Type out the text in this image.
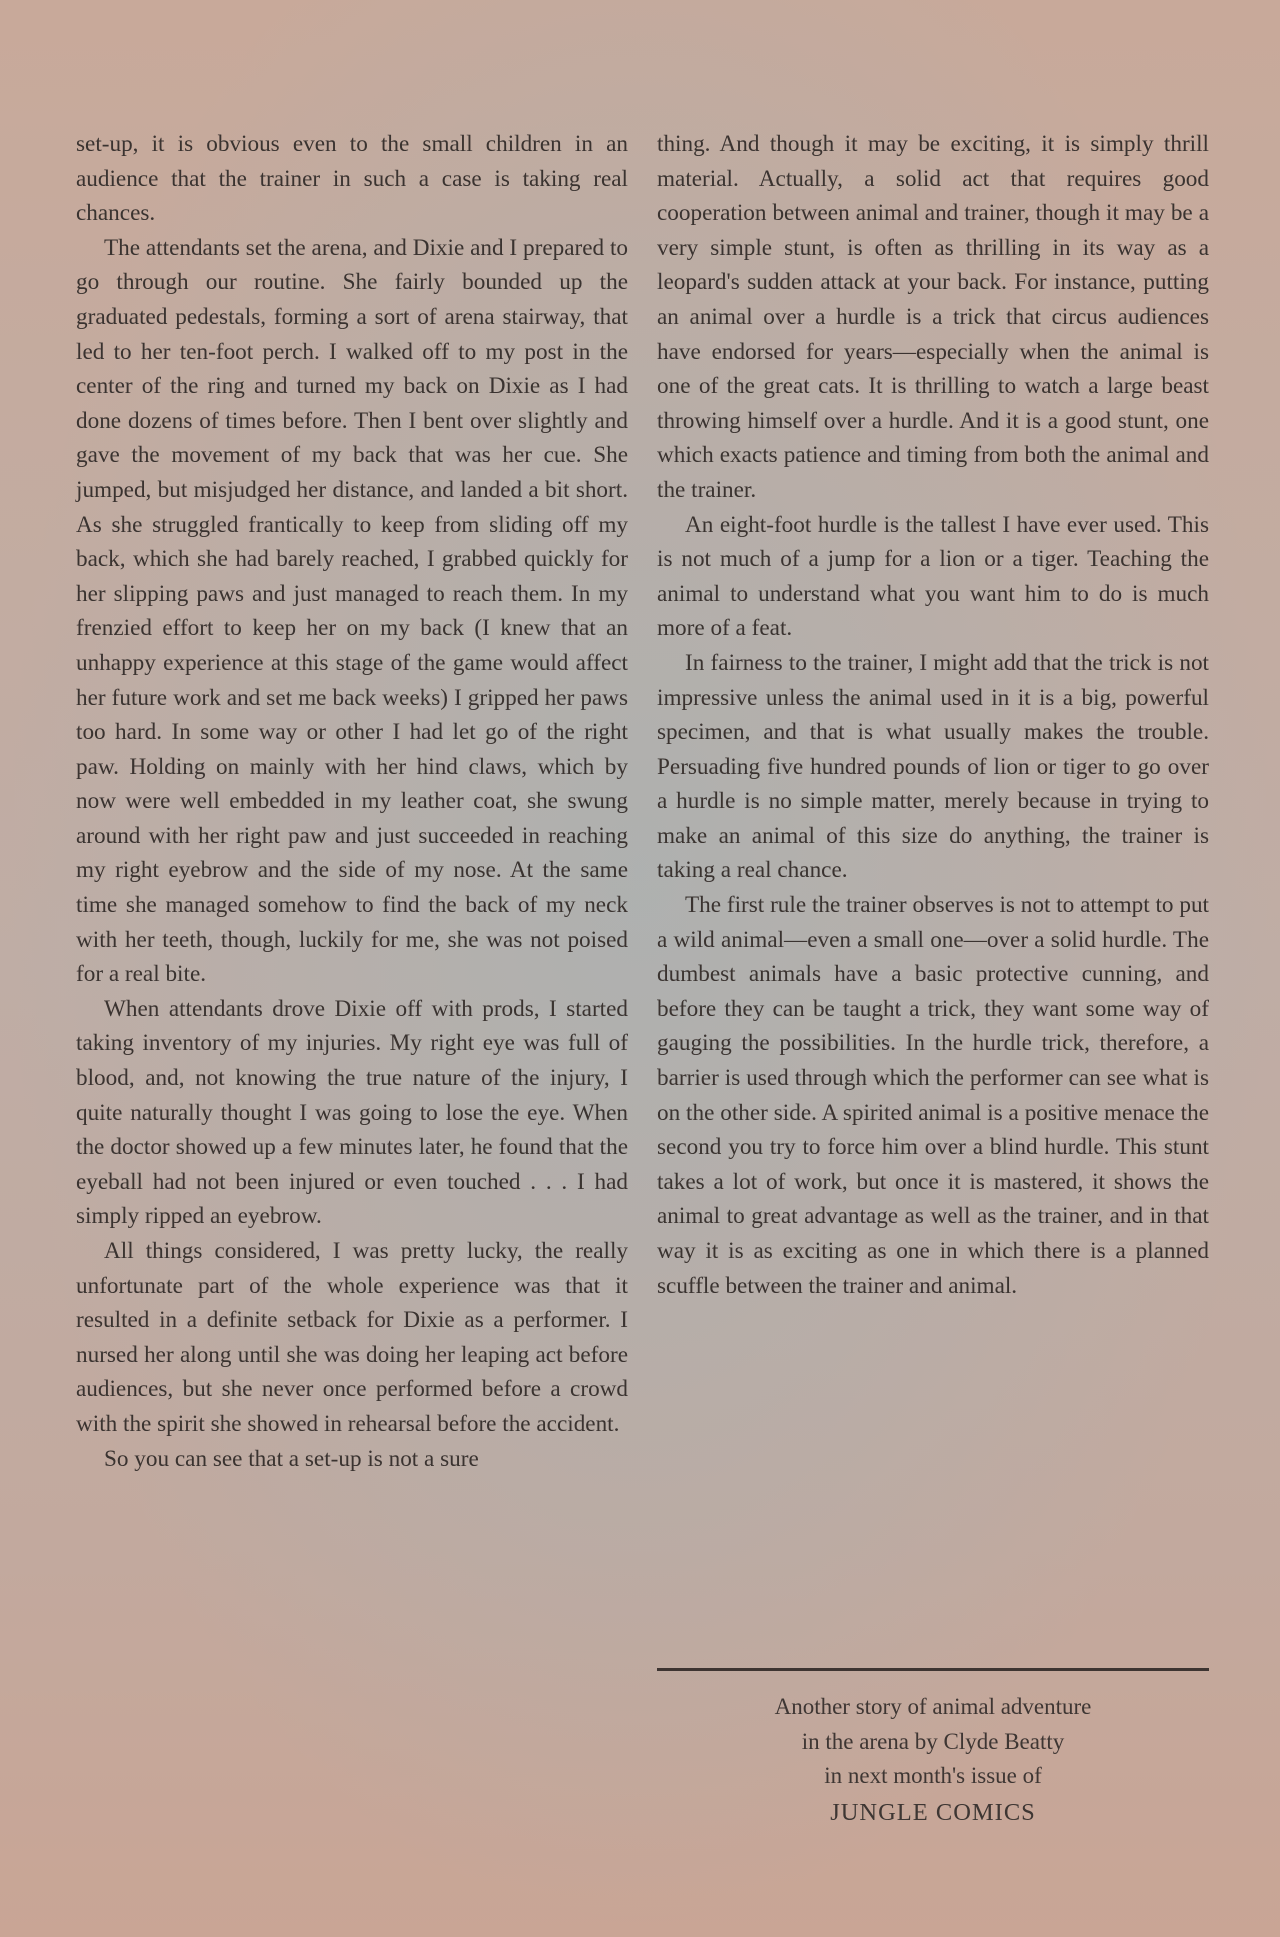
set-up, it is obvious even to the small children in an audience that the trainer in such a case is taking real chances.

The attendants set the arena, and Dixie and I prepared to go through our routine. She fairly bounded up the graduated pedestals, forming a sort of arena stairway, that led to her ten-foot perch. I walked off to my post in the center of the ring and turned my back on Dixie as I had done dozens of times before. Then I bent over slightly and gave the movement of my back that was her cue. She jumped, but misjudged her distance, and landed a bit short. As she struggled frantically to keep from sliding off my back, which she had barely reached, I grabbed quickly for her slipping paws and just managed to reach them. In my frenzied effort to keep her on my back (I knew that an unhappy experience at this stage of the game would affect her future work and set me back weeks) I gripped her paws too hard. In some way or other I had let go of the right paw. Holding on mainly with her hind claws, which by now were well embedded in my leather coat, she swung around with her right paw and just succeeded in reaching my right eyebrow and the side of my nose. At the same time she managed somehow to find the back of my neck with her teeth, though, luckily for me, she was not poised for a real bite.

When attendants drove Dixie off with prods, I started taking inventory of my injuries. My right eye was full of blood, and, not knowing the true nature of the injury, I quite naturally thought I was going to lose the eye. When the doctor showed up a few minutes later, he found that the eyeball had not been injured or even touched . . . I had simply ripped an eyebrow.

All things considered, I was pretty lucky, the really unfortunate part of the whole experience was that it resulted in a definite setback for Dixie as a performer. I nursed her along until she was doing her leaping act before audiences, but she never once performed before a crowd with the spirit she showed in rehearsal before the accident.

So you can see that a set-up is not a sure

thing. And though it may be exciting, it is simply thrill material. Actually, a solid act that requires good cooperation between animal and trainer, though it may be a very simple stunt, is often as thrilling in its way as a leopard's sudden attack at your back. For instance, putting an animal over a hurdle is a trick that circus audiences have endorsed for years—especially when the animal is one of the great cats. It is thrilling to watch a large beast throwing himself over a hurdle. And it is a good stunt, one which exacts patience and timing from both the animal and the trainer.

An eight-foot hurdle is the tallest I have ever used. This is not much of a jump for a lion or a tiger. Teaching the animal to understand what you want him to do is much more of a feat.

In fairness to the trainer, I might add that the trick is not impressive unless the animal used in it is a big, powerful specimen, and that is what usually makes the trouble. Persuading five hundred pounds of lion or tiger to go over a hurdle is no simple matter, merely because in trying to make an animal of this size do anything, the trainer is taking a real chance.

The first rule the trainer observes is not to attempt to put a wild animal—even a small one—over a solid hurdle. The dumbest animals have a basic protective cunning, and before they can be taught a trick, they want some way of gauging the possibilities. In the hurdle trick, therefore, a barrier is used through which the performer can see what is on the other side. A spirited animal is a positive menace the second you try to force him over a blind hurdle. This stunt takes a lot of work, but once it is mastered, it shows the animal to great advantage as well as the trainer, and in that way it is as exciting as one in which there is a planned scuffle between the trainer and animal.

Another story of animal adventure
in the arena by Clyde Beatty
in next month's issue of
JUNGLE COMICS
